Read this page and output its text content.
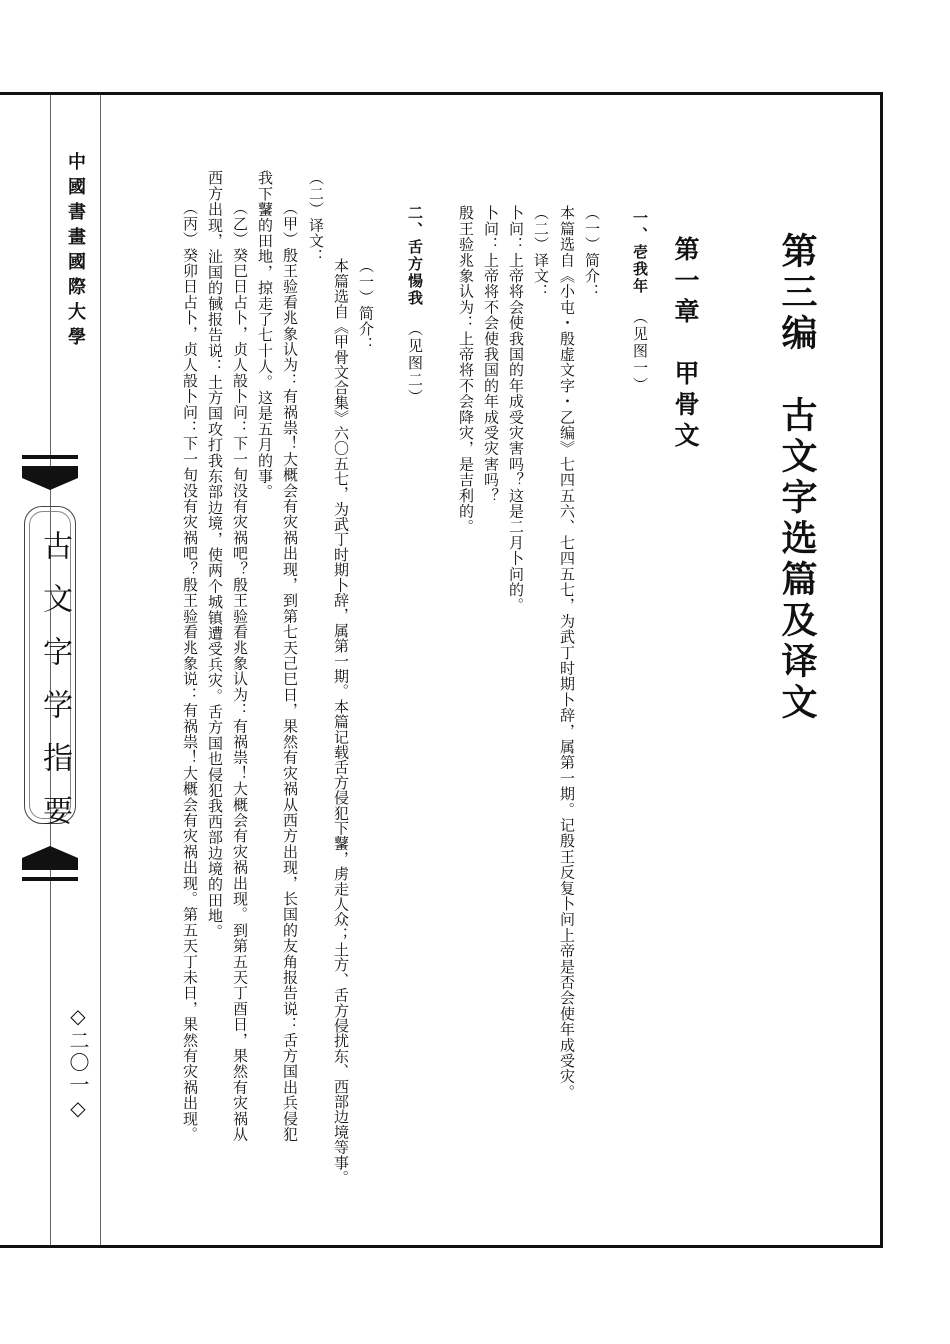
中國書畫國際大學
古文字学指要
◇二〇一◇
第三编　古文字选篇及译文
第一章　甲骨文
一、壱我年（见图一）
（一）简介：
本篇选自《小屯・殷虚文字・乙编》七四五六、七四五七，为武丁时期卜辞，属第一期。记殷王反复卜问上帝是否会使年成受灾。
（二）译文：
卜问：上帝将会使我国的年成受灾害吗？这是二月卜问的。
卜问：上帝将不会使我国的年成受灾害吗？
殷王验兆象认为：上帝将不会降灾，是吉利的。
二、舌方愓我（见图二）
（一）简介：
本篇选自《甲骨文合集》六〇五七，为武丁时期卜辞，属第一期。本篇记载舌方侵犯下鼜，虏走人众；土方、舌方侵扰东、西部边境等事。
（二）译文：
（甲）殷王验看兆象认为：有祸祟！大概会有灾祸出现，到第七天己巳日，果然有灾祸从西方出现，长国的友角报告说：舌方国出兵侵犯
我下鼜的田地，掠走了七十人。这是五月的事。
（乙）癸巳日占卜，贞人㱿卜问：下一旬没有灾祸吧？殷王验看兆象认为：有祸祟！大概会有灾祸出现。到第五天丁酉日，果然有灾祸从
西方出现，沚国的戫报告说：土方国攻打我东部边境，使两个城镇遭受兵灾。舌方国也侵犯我西部边境的田地。
（丙）癸卯日占卜，贞人㱿卜问：下一旬没有灾祸吧？殷王验看兆象说：有祸祟！大概会有灾祸出现。第五天丁未日，果然有灾祸出现。
